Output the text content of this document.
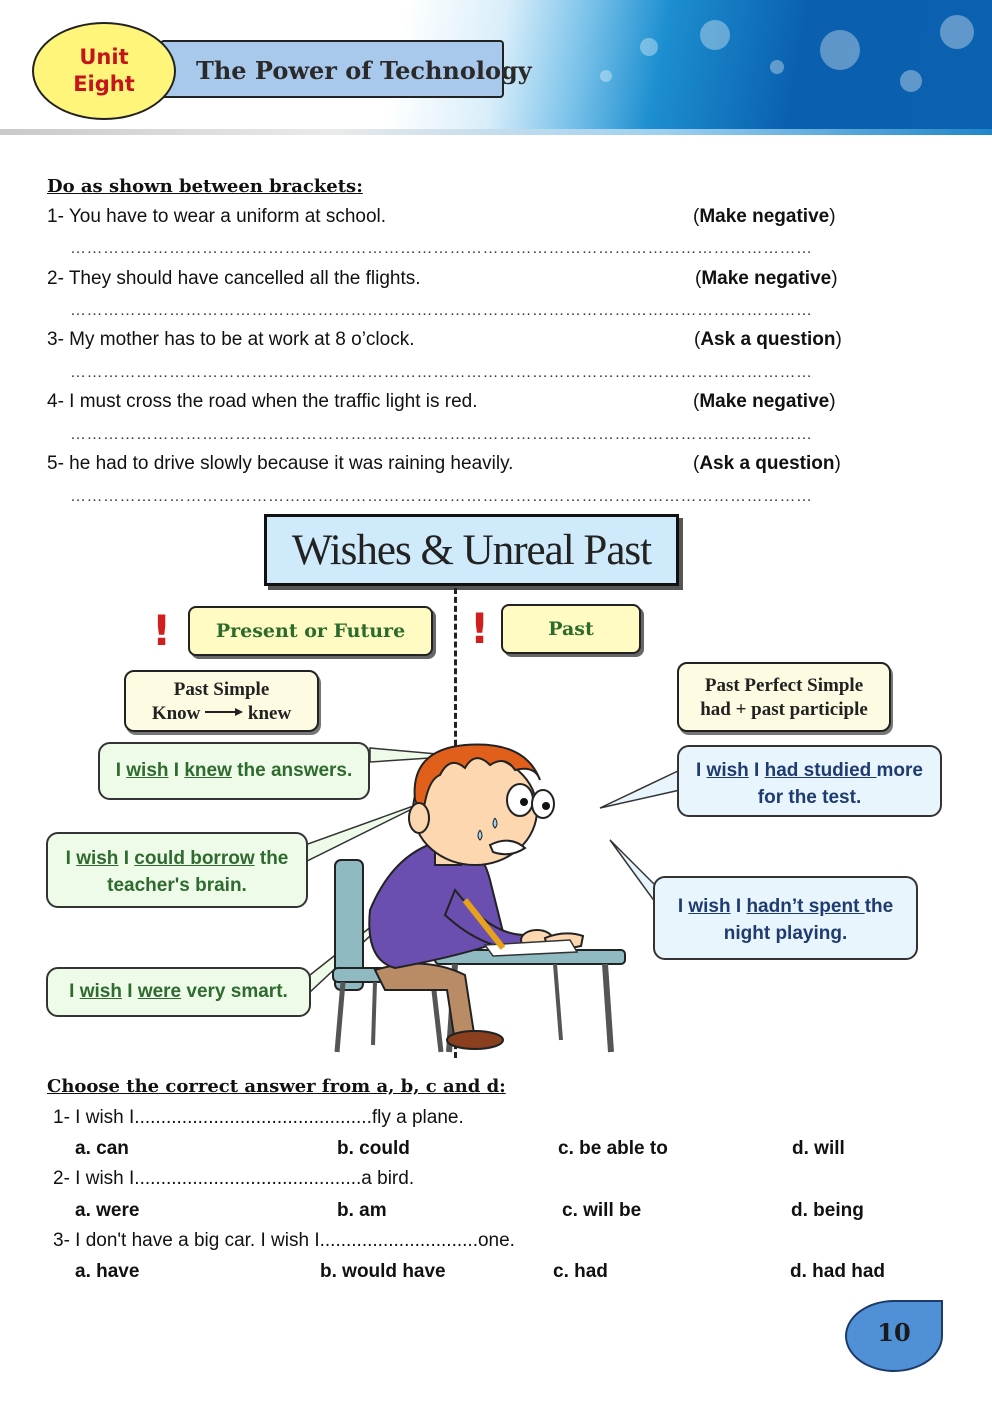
The Power of Technology
Unit
Eight
Do as shown between brackets:
1- You have to wear a uniform at school.	(Make negative)
………………………………………………………………………………………………………………………
2- They should have cancelled all the flights.	(Make negative)
………………………………………………………………………………………………………………………
3- My mother has to be at work at 8 o’clock.	(Ask a question)
………………………………………………………………………………………………………………………
4- I must cross the road when the traffic light is red.	(Make negative)
………………………………………………………………………………………………………………………
5- he had to drive slowly because it was raining heavily.	(Ask a question)
………………………………………………………………………………………………………………………
Wishes & Unreal Past
!	Present or Future	!	Past
Past Simple
Know	knew
Past Perfect Simple
had + past participle
I wish I knew the answers.
I wish I could borrow the
teacher's brain.
I wish I were very smart.
I wish I had studied more
for the test.
I wish I hadn’t spent the
night playing.
Choose the correct answer from a, b, c and d:
1- I wish I.............................................fly a plane.
a. can	b. could	c. be able to	d. will
2- I wish I...........................................a bird.
a. were	b. am	c. will be	d. being
3- I don't have a big car. I wish I..............................one.
a. have	b. would have	c. had	d. had had
10
